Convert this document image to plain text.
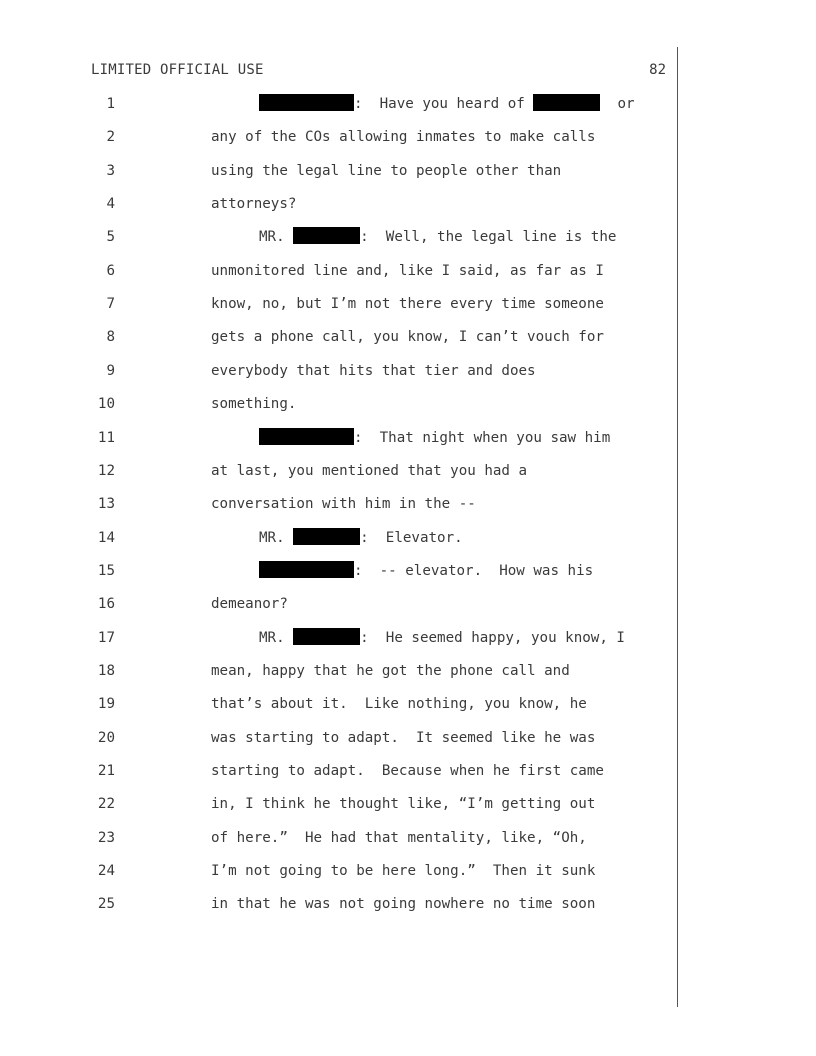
LIMITED OFFICIAL USE	82
1	:  Have you heard of	or
2	any of the COs allowing inmates to make calls
3	using the legal line to people other than
4	attorneys?
5	MR.	:  Well, the legal line is the
6	unmonitored line and, like I said, as far as I
7	know, no, but I’m not there every time someone
8	gets a phone call, you know, I can’t vouch for
9	everybody that hits that tier and does
10	something.
11	:  That night when you saw him
12	at last, you mentioned that you had a
13	conversation with him in the --
14	MR.	:  Elevator.
15	:  -- elevator.  How was his
16	demeanor?
17	MR.	:  He seemed happy, you know, I
18	mean, happy that he got the phone call and
19	that’s about it.  Like nothing, you know, he
20	was starting to adapt.  It seemed like he was
21	starting to adapt.  Because when he first came
22	in, I think he thought like, “I’m getting out
23	of here.”  He had that mentality, like, “Oh,
24	I’m not going to be here long.”  Then it sunk
25	in that he was not going nowhere no time soon
